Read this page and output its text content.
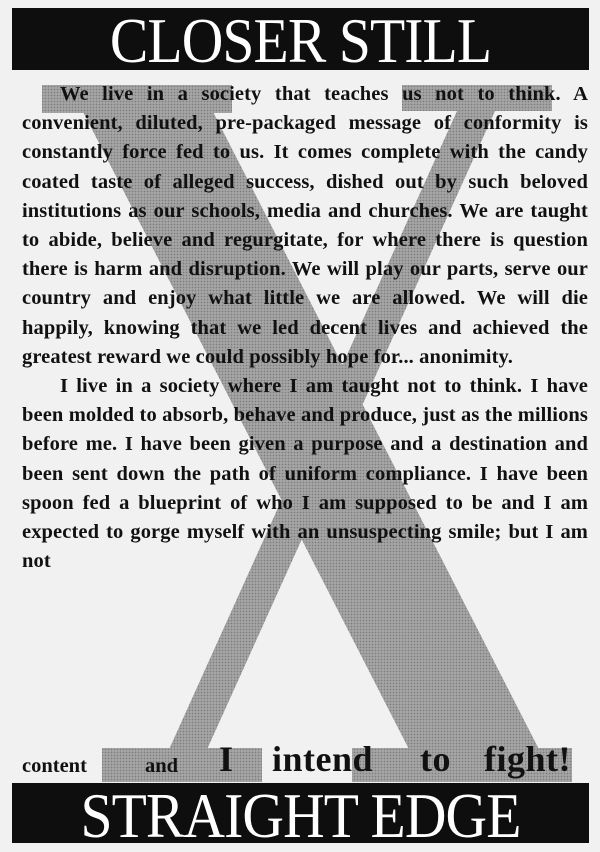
CLOSER STILL

We live in a society that teaches us not to think. A convenient, diluted, pre-packaged message of conformity is constantly force fed to us. It comes complete with the candy coated taste of alleged success, dished out by such beloved institutions as our schools, media and churches. We are taught to abide, believe and regurgitate, for where there is question there is harm and disruption. We will play our parts, serve our country and enjoy what little we are allowed. We will die happily, knowing that we led decent lives and achieved the greatest reward we could possibly hope for... anonimity.

I live in a society where I am taught not to think. I have been molded to absorb, behave and produce, just as the millions before me. I have been given a purpose and a destination and been sent down the path of uniform compliance. I have been spoon fed a blueprint of who I am supposed to be and I am expected to gorge myself with an unsuspecting smile; but I am not

content	and I intend to fight!
STRAIGHT EDGE
